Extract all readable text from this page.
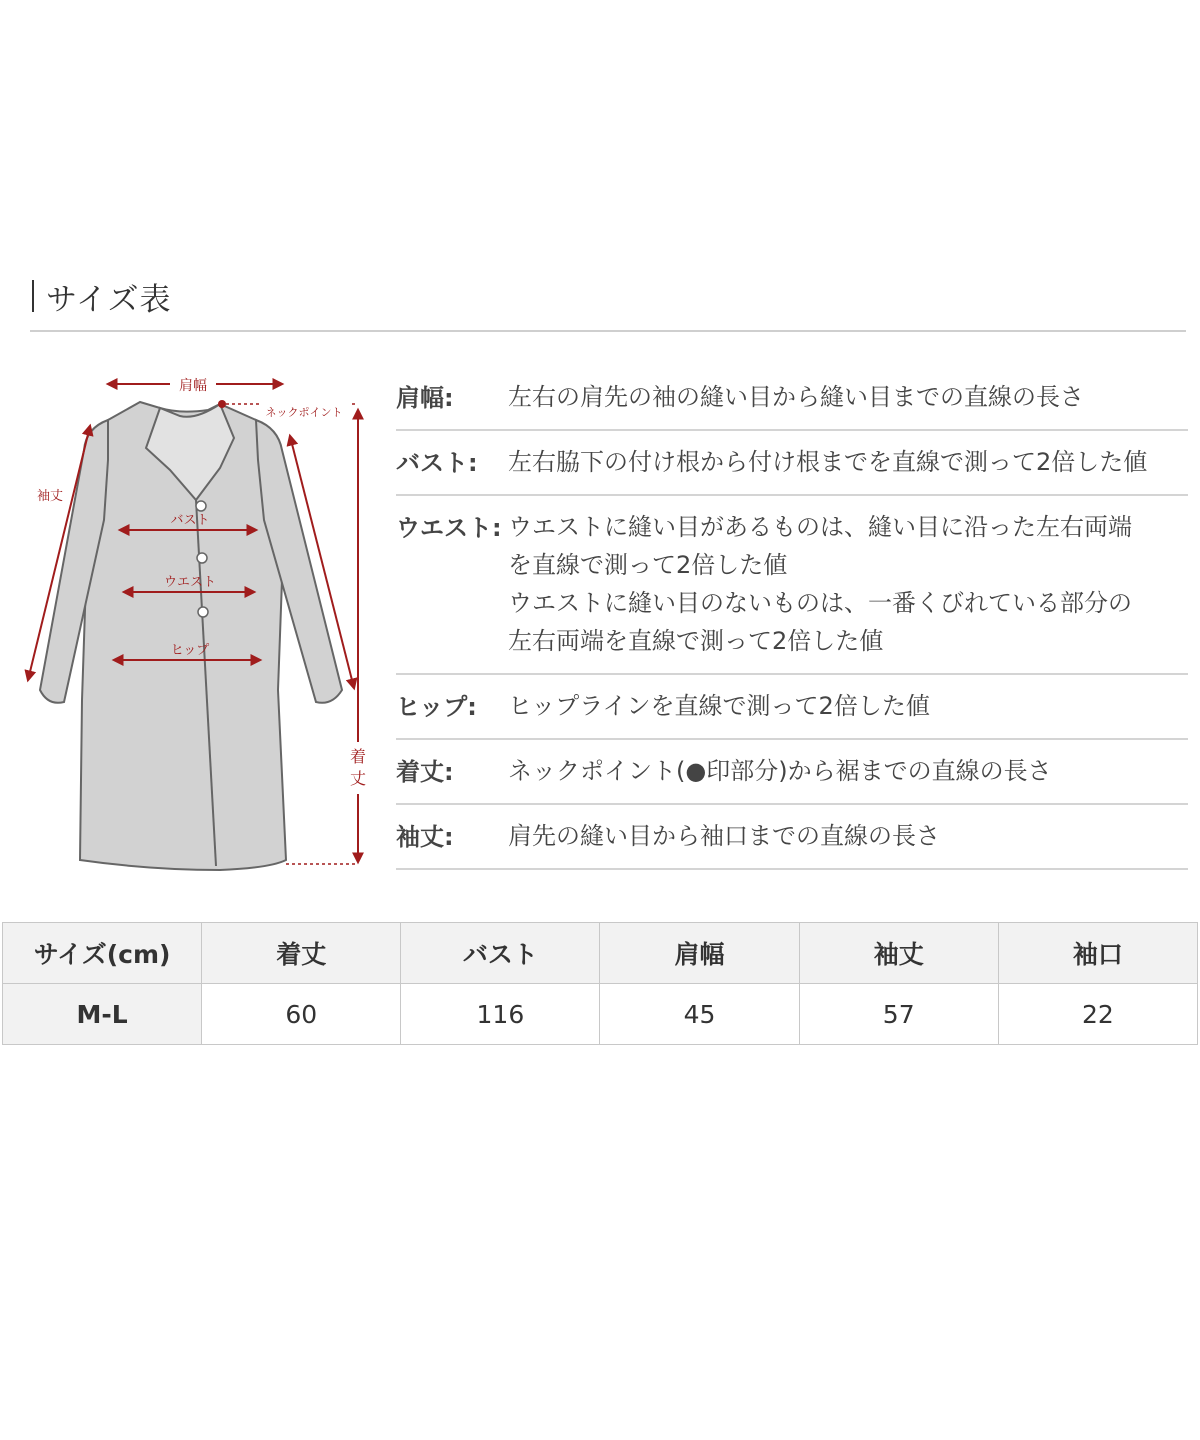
サイズ表
肩幅
ネックポイント
袖丈
バスト
ウエスト
ヒップ
着
丈
肩幅: 左右の肩先の袖の縫い目から縫い目までの直線の長さ
バスト: 左右脇下の付け根から付け根までを直線で測って2倍した値
ウエスト: ウエストに縫い目があるものは、縫い目に沿った左右両端
を直線で測って2倍した値
ウエストに縫い目のないものは、一番くびれている部分の
左右両端を直線で測って2倍した値
ヒップ: ヒップラインを直線で測って2倍した値
着丈: ネックポイント(●印部分)から裾までの直線の長さ
袖丈: 肩先の縫い目から袖口までの直線の長さ
サイズ(cm)	着丈	バスト	肩幅	袖丈	袖口
M-L	60	116	45	57	22
